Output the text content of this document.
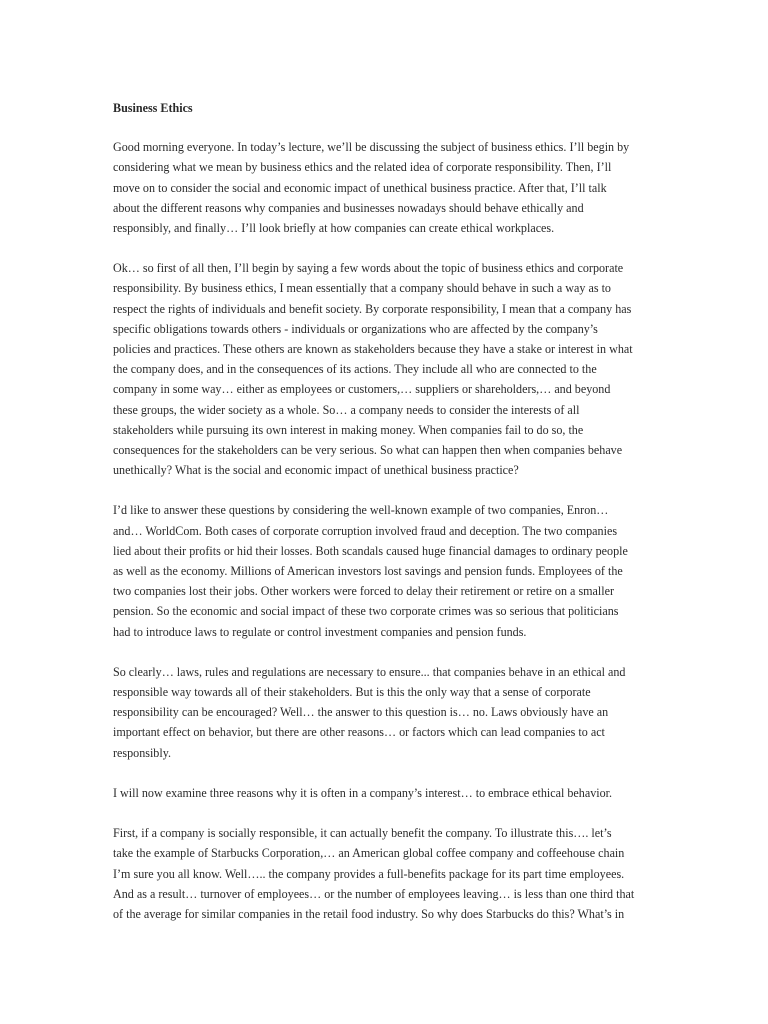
Business Ethics
Good morning everyone. In today’s lecture, we’ll be discussing the subject of business ethics. I’ll begin by
considering what we mean by business ethics and the related idea of corporate responsibility. Then, I’ll
move on to consider the social and economic impact of unethical business practice. After that, I’ll talk
about the different reasons why companies and businesses nowadays should behave ethically and
responsibly, and finally… I’ll look briefly at how companies can create ethical workplaces.
Ok… so first of all then, I’ll begin by saying a few words about the topic of business ethics and corporate
responsibility. By business ethics, I mean essentially that a company should behave in such a way as to
respect the rights of individuals and benefit society. By corporate responsibility, I mean that a company has
specific obligations towards others - individuals or organizations who are affected by the company’s
policies and practices. These others are known as stakeholders because they have a stake or interest in what
the company does, and in the consequences of its actions. They include all who are connected to the
company in some way… either as employees or customers,… suppliers or shareholders,… and beyond
these groups, the wider society as a whole. So… a company needs to consider the interests of all
stakeholders while pursuing its own interest in making money. When companies fail to do so, the
consequences for the stakeholders can be very serious. So what can happen then when companies behave
unethically? What is the social and economic impact of unethical business practice?
I’d like to answer these questions by considering the well-known example of two companies, Enron…
and… WorldCom. Both cases of corporate corruption involved fraud and deception. The two companies
lied about their profits or hid their losses. Both scandals caused huge financial damages to ordinary people
as well as the economy. Millions of American investors lost savings and pension funds. Employees of the
two companies lost their jobs. Other workers were forced to delay their retirement or retire on a smaller
pension. So the economic and social impact of these two corporate crimes was so serious that politicians
had to introduce laws to regulate or control investment companies and pension funds.
So clearly… laws, rules and regulations are necessary to ensure... that companies behave in an ethical and
responsible way towards all of their stakeholders. But is this the only way that a sense of corporate
responsibility can be encouraged? Well… the answer to this question is… no. Laws obviously have an
important effect on behavior, but there are other reasons… or factors which can lead companies to act
responsibly.
I will now examine three reasons why it is often in a company’s interest… to embrace ethical behavior.
First, if a company is socially responsible, it can actually benefit the company. To illustrate this…. let’s
take the example of Starbucks Corporation,… an American global coffee company and coffeehouse chain
I’m sure you all know. Well….. the company provides a full-benefits package for its part time employees.
And as a result… turnover of employees… or the number of employees leaving… is less than one third that
of the average for similar companies in the retail food industry. So why does Starbucks do this? What’s in
